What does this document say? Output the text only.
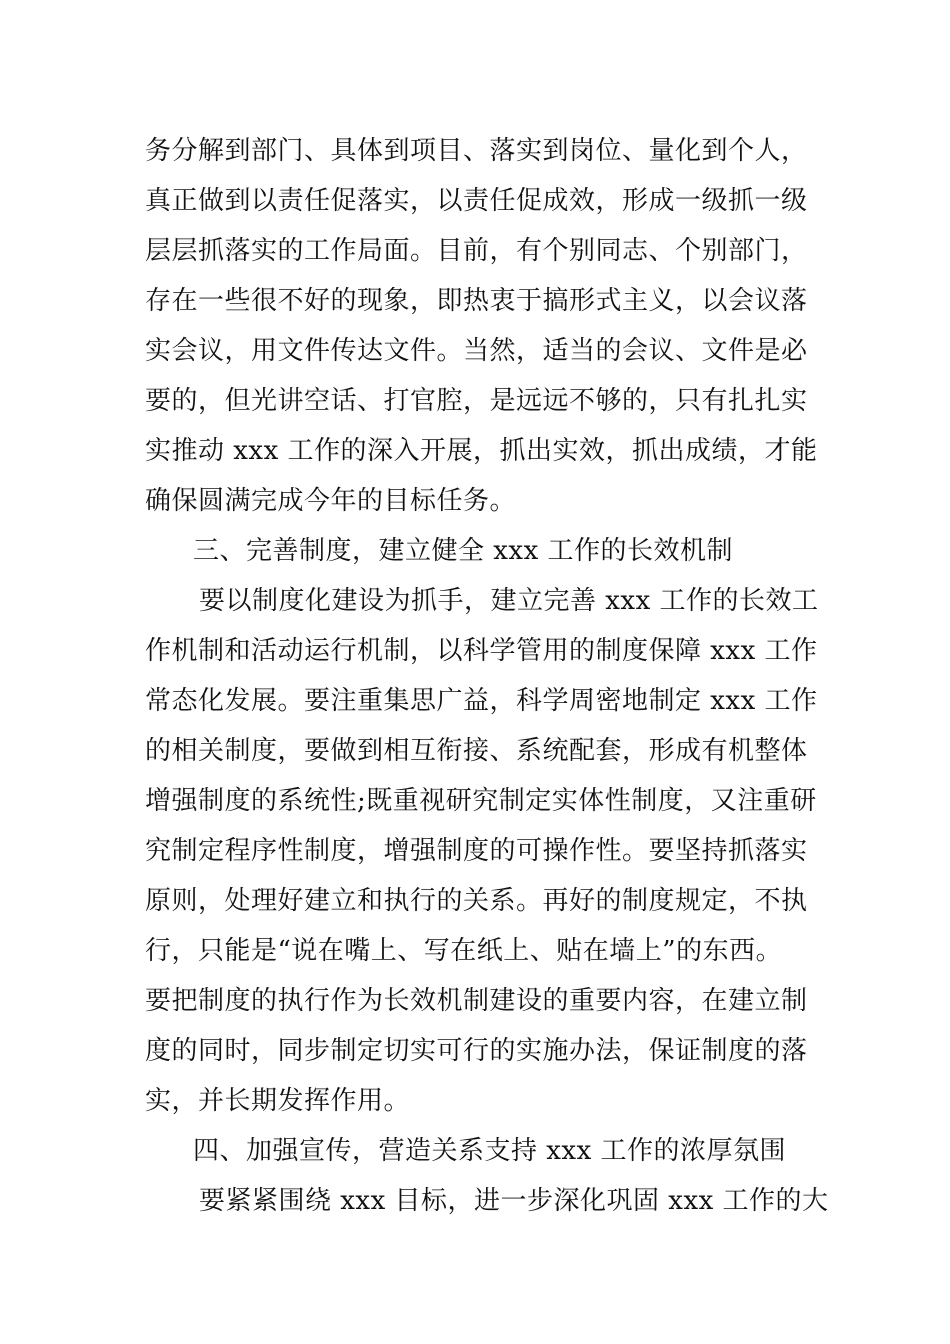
务分解到部门、具体到项目、落实到岗位、量化到个人，
真正做到以责任促落实，以责任促成效，形成一级抓一级
层层抓落实的工作局面。目前，有个别同志、个别部门，
存在一些很不好的现象，即热衷于搞形式主义，以会议落
实会议，用文件传达文件。当然，适当的会议、文件是必
要的，但光讲空话、打官腔，是远远不够的，只有扎扎实
实推动 xxx 工作的深入开展，抓出实效，抓出成绩，才能
确保圆满完成今年的目标任务。
三、完善制度，建立健全 xxx 工作的长效机制
要以制度化建设为抓手，建立完善 xxx 工作的长效工
作机制和活动运行机制，以科学管用的制度保障 xxx 工作
常态化发展。要注重集思广益，科学周密地制定 xxx 工作
的相关制度，要做到相互衔接、系统配套，形成有机整体
增强制度的系统性;既重视研究制定实体性制度，又注重研
究制定程序性制度，增强制度的可操作性。要坚持抓落实
原则，处理好建立和执行的关系。再好的制度规定，不执
行，只能是“说在嘴上、写在纸上、贴在墙上”的东西。
要把制度的执行作为长效机制建设的重要内容，在建立制
度的同时，同步制定切实可行的实施办法，保证制度的落
实，并长期发挥作用。
四、加强宣传，营造关系支持 xxx 工作的浓厚氛围
要紧紧围绕 xxx 目标，进一步深化巩固 xxx 工作的大
